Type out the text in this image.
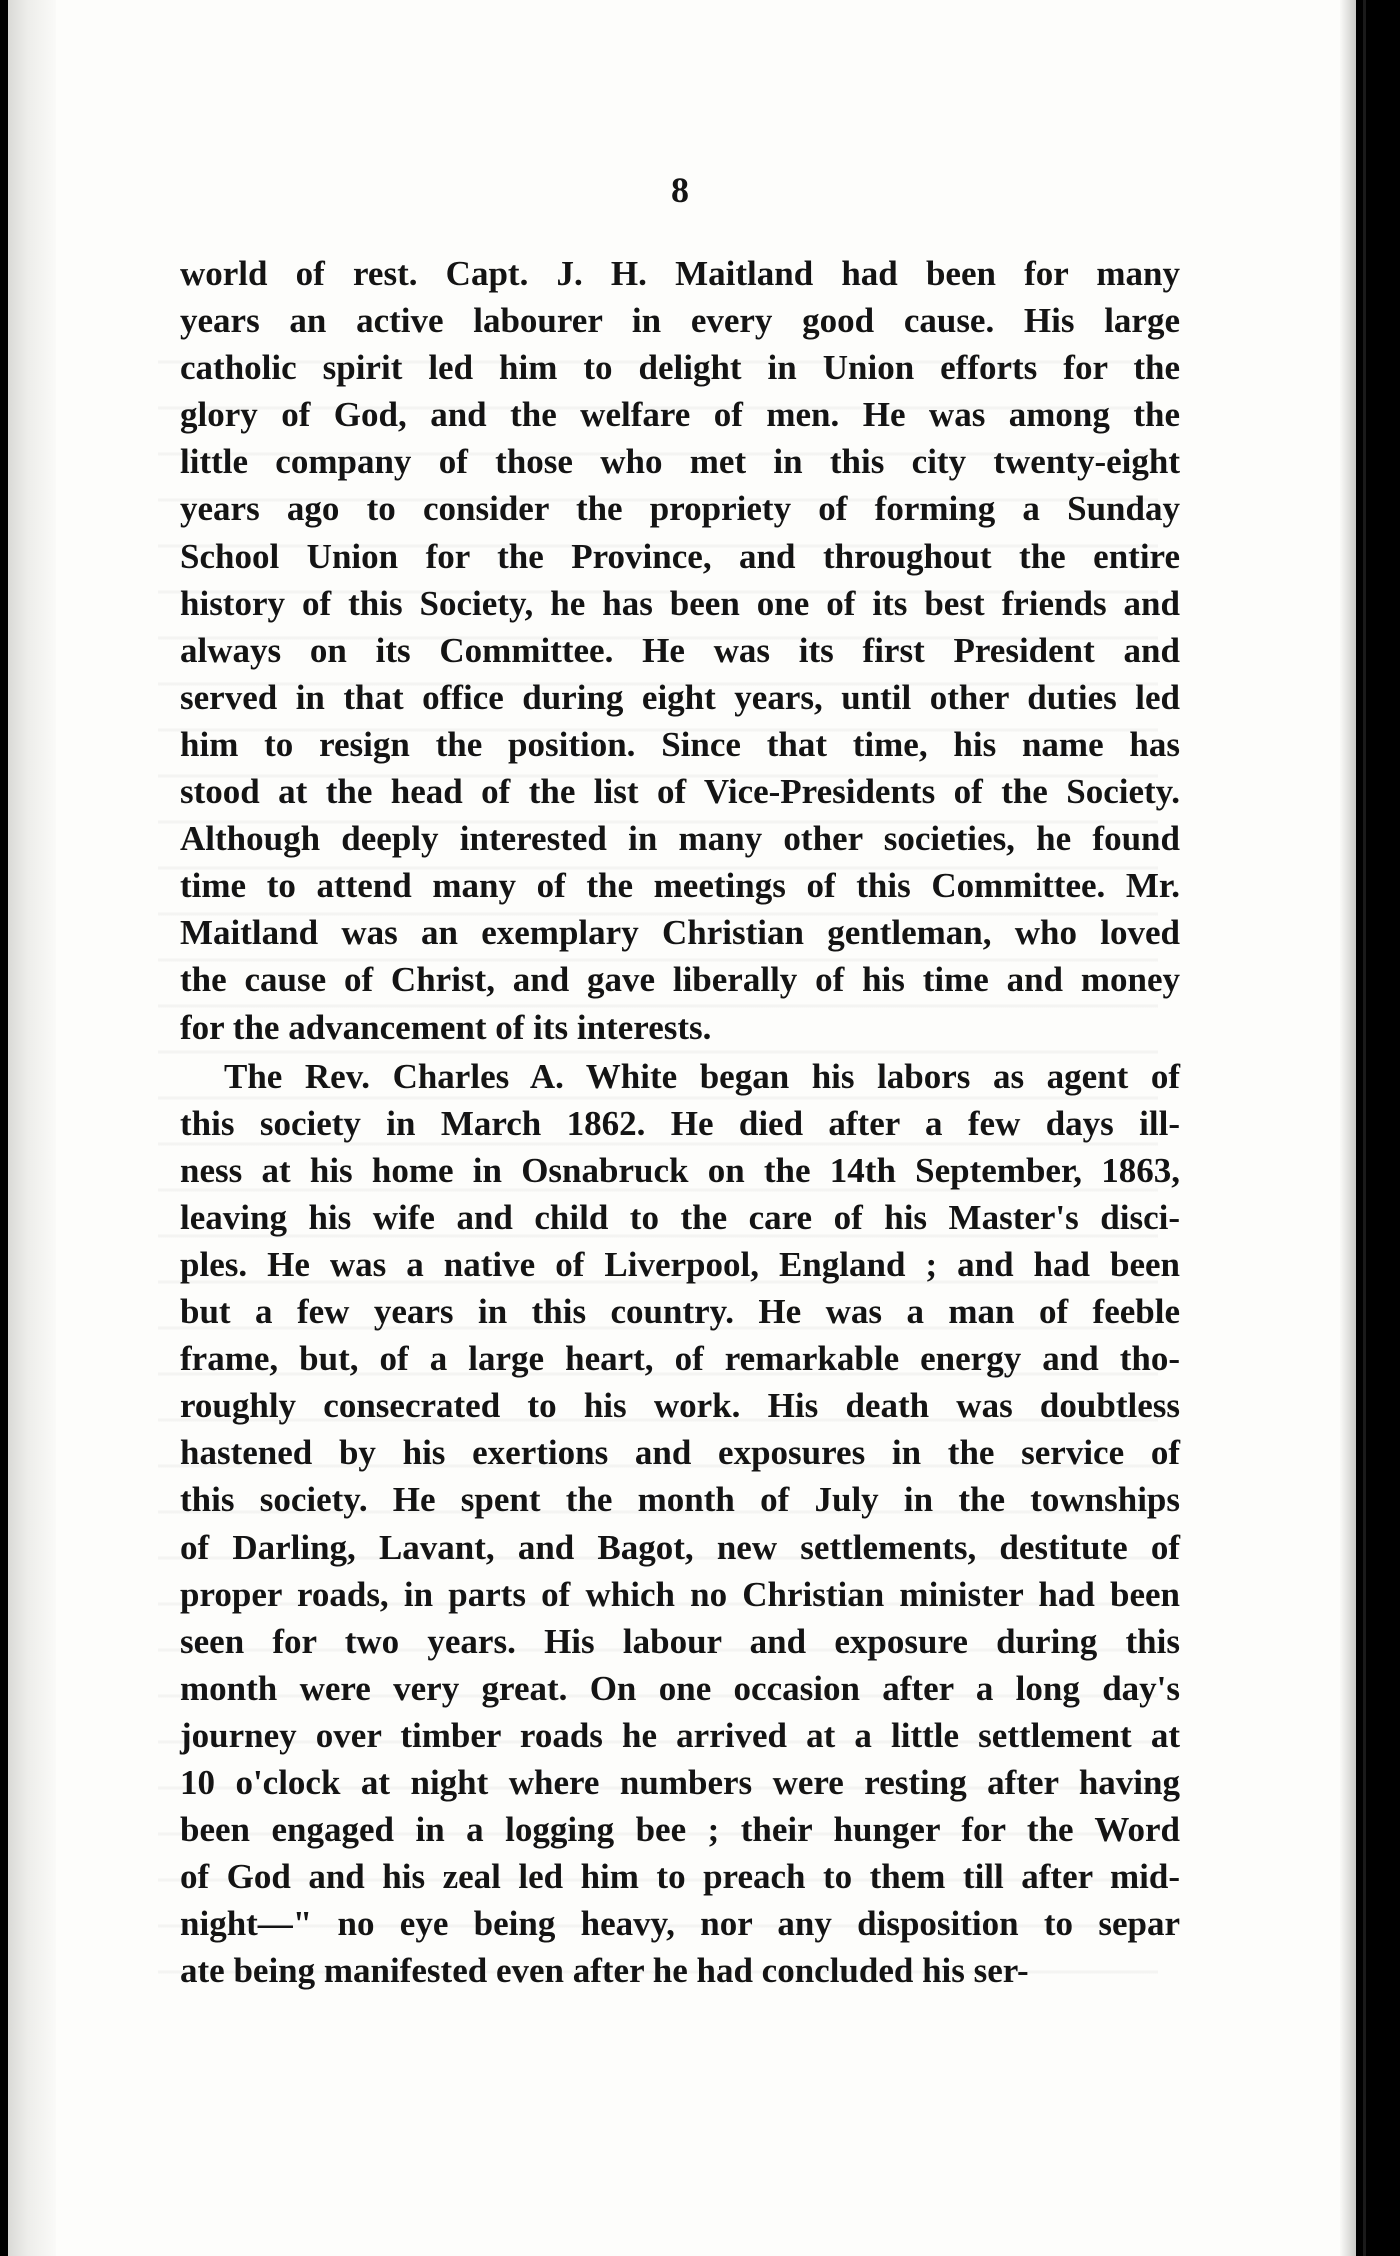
8
world of rest. Capt. J. H. Maitland had been for many
years an active labourer in every good cause. His large
catholic spirit led him to delight in Union efforts for the
glory of God, and the welfare of men. He was among the
little company of those who met in this city twenty-eight
years ago to consider the propriety of forming a Sunday
School Union for the Province, and throughout the entire
history of this Society, he has been one of its best friends and
always on its Committee. He was its first President and
served in that office during eight years, until other duties led
him to resign the position. Since that time, his name has
stood at the head of the list of Vice-Presidents of the Society.
Although deeply interested in many other societies, he found
time to attend many of the meetings of this Committee. Mr.
Maitland was an exemplary Christian gentleman, who loved
the cause of Christ, and gave liberally of his time and money
for the advancement of its interests.
The Rev. Charles A. White began his labors as agent of
this society in March 1862. He died after a few days ill-
ness at his home in Osnabruck on the 14th September, 1863,
leaving his wife and child to the care of his Master's disci-
ples. He was a native of Liverpool, England ; and had been
but a few years in this country. He was a man of feeble
frame, but, of a large heart, of remarkable energy and tho-
roughly consecrated to his work. His death was doubtless
hastened by his exertions and exposures in the service of
this society. He spent the month of July in the townships
of Darling, Lavant, and Bagot, new settlements, destitute of
proper roads, in parts of which no Christian minister had been
seen for two years. His labour and exposure during this
month were very great. On one occasion after a long day's
journey over timber roads he arrived at a little settlement at
10 o'clock at night where numbers were resting after having
been engaged in a logging bee ; their hunger for the Word
of God and his zeal led him to preach to them till after mid-
night—" no eye being heavy, nor any disposition to separ
ate being manifested even after he had concluded his ser-
